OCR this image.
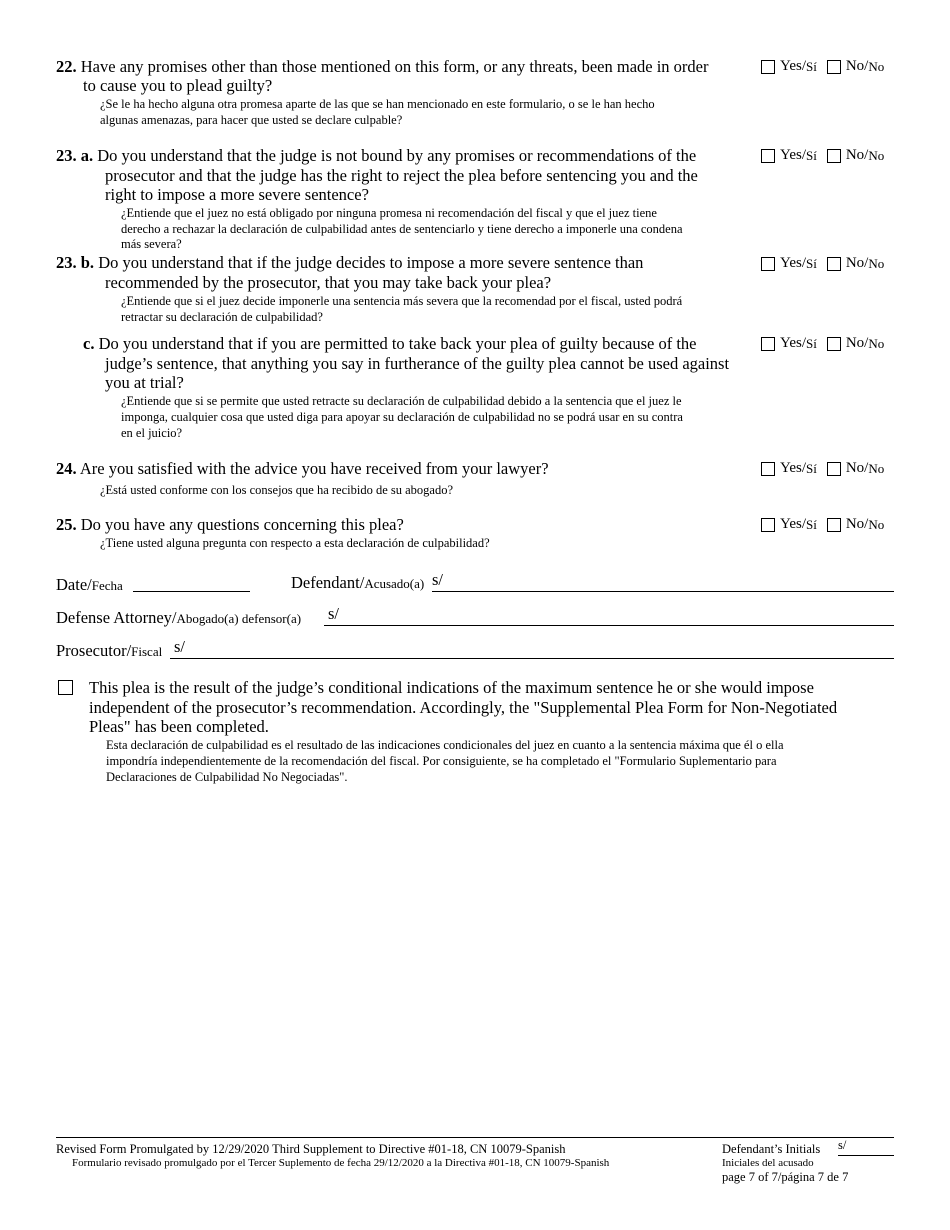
22. Have any promises other than those mentioned on this form, or any threats, been made in order
to cause you to plead guilty?
¿Se le ha hecho alguna otra promesa aparte de las que se han mencionado en este formulario, o se le han hecho
algunas amenazas, para hacer que usted se declare culpable?
Yes/ Sí No/ No
23. a. Do you understand that the judge is not bound by any promises or recommendations of the
prosecutor and that the judge has the right to reject the plea before sentencing you and the
right to impose a more severe sentence?
¿Entiende que el juez no está obligado por ninguna promesa ni recomendación del fiscal y que el juez tiene
derecho a rechazar la declaración de culpabilidad antes de sentenciarlo y tiene derecho a imponerle una condena
más severa?
Yes/ Sí No/ No
23. b. Do you understand that if the judge decides to impose a more severe sentence than
recommended by the prosecutor, that you may take back your plea?
¿Entiende que si el juez decide imponerle una sentencia más severa que la recomendad por el fiscal, usted podrá
retractar su declaración de culpabilidad?
Yes/ Sí No/ No
c. Do you understand that if you are permitted to take back your plea of guilty because of the
judge’s sentence, that anything you say in furtherance of the guilty plea cannot be used against
you at trial?
¿Entiende que si se permite que usted retracte su declaración de culpabilidad debido a la sentencia que el juez le
imponga, cualquier cosa que usted diga para apoyar su declaración de culpabilidad no se podrá usar en su contra
en el juicio?
Yes/ Sí No/ No
24. Are you satisfied with the advice you have received from your lawyer?
¿Está usted conforme con los consejos que ha recibido de su abogado?
Yes/ Sí No/ No
25. Do you have any questions concerning this plea?
¿Tiene usted alguna pregunta con respecto a esta declaración de culpabilidad?
Yes/ Sí No/ No
Date/Fecha	Defendant/Acusado(a) s/
Defense Attorney/Abogado(a) defensor(a) s/
Prosecutor/Fiscal s/
This plea is the result of the judge’s conditional indications of the maximum sentence he or she would impose
independent of the prosecutor’s recommendation. Accordingly, the "Supplemental Plea Form for Non-Negotiated
Pleas" has been completed.
Esta declaración de culpabilidad es el resultado de las indicaciones condicionales del juez en cuanto a la sentencia máxima que él o ella
impondría independientemente de la recomendación del fiscal. Por consiguiente, se ha completado el "Formulario Suplementario para
Declaraciones de Culpabilidad No Negociadas".
Revised Form Promulgated by 12/29/2020 Third Supplement to Directive #01-18, CN 10079-Spanish
Formulario revisado promulgado por el Tercer Suplemento de fecha 29/12/2020 a la Directiva #01-18, CN 10079-Spanish
Defendant’s Initials s/
Iniciales del acusado
page 7 of 7/página 7 de 7
